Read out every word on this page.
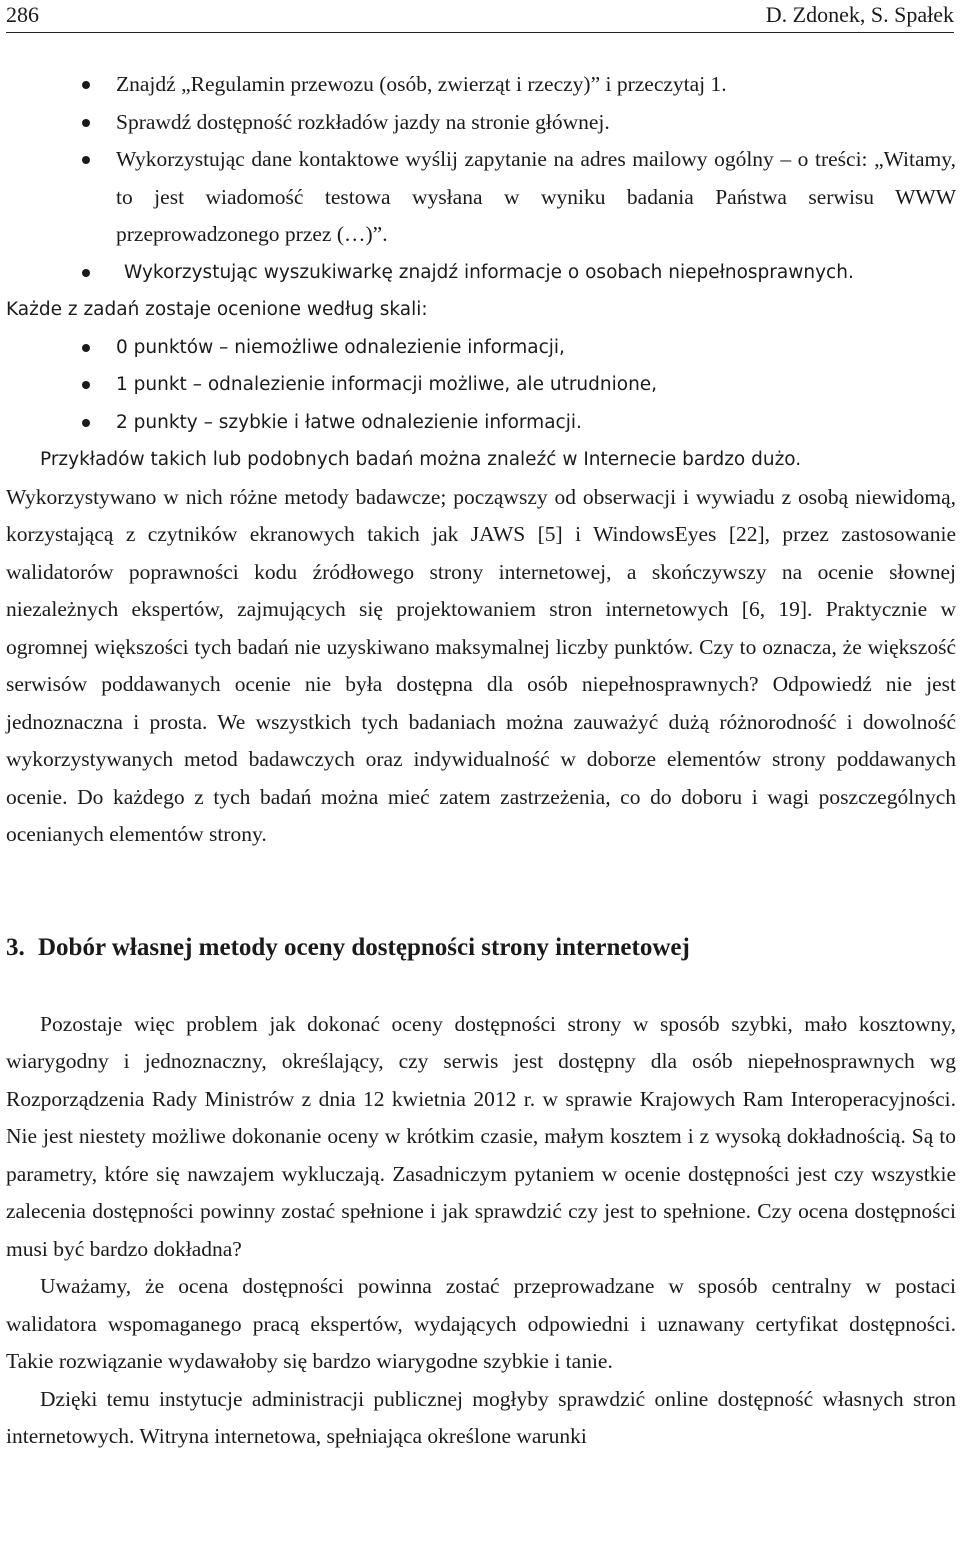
286	D. Zdonek, S. Spałek
Znajdź „Regulamin przewozu (osób, zwierząt i rzeczy)” i przeczytaj 1.
Sprawdź dostępność rozkładów jazdy na stronie głównej.
Wykorzystując dane kontaktowe wyślij zapytanie na adres mailowy ogólny – o treści: „Witamy, to jest wiadomość testowa wysłana w wyniku badania Państwa serwisu WWW przeprowadzonego przez (…)”.
Wykorzystując wyszukiwarkę znajdź informacje o osobach niepełnosprawnych.

Każde z zadań zostaje ocenione według skali:

0 punktów – niemożliwe odnalezienie informacji,
1 punkt – odnalezienie informacji możliwe, ale utrudnione,
2 punkty – szybkie i łatwe odnalezienie informacji.

Przykładów takich lub podobnych badań można znaleźć w Internecie bardzo dużo.

Wykorzystywano w nich różne metody badawcze; począwszy od obserwacji i wywiadu z osobą niewidomą, korzystającą z czytników ekranowych takich jak JAWS [5] i WindowsEyes [22], przez zastosowanie walidatorów poprawności kodu źródłowego strony internetowej, a skończywszy na ocenie słownej niezależnych ekspertów, zajmujących się projektowaniem stron internetowych [6, 19]. Praktycznie w ogromnej większości tych badań nie uzyskiwano maksymalnej liczby punktów. Czy to oznacza, że większość serwisów poddawanych ocenie nie była dostępna dla osób niepełnosprawnych? Odpowiedź nie jest jednoznaczna i prosta. We wszystkich tych badaniach można zauważyć dużą różnorodność i dowolność wykorzystywanych metod badawczych oraz indywidualność w doborze elementów strony poddawanych ocenie. Do każdego z tych badań można mieć zatem zastrzeżenia, co do doboru i wagi poszczególnych ocenianych elementów strony.

3. Dobór własnej metody oceny dostępności strony internetowej

Pozostaje więc problem jak dokonać oceny dostępności strony w sposób szybki, mało kosztowny, wiarygodny i jednoznaczny, określający, czy serwis jest dostępny dla osób niepełnosprawnych wg Rozporządzenia Rady Ministrów z dnia 12 kwietnia 2012 r. w sprawie Krajowych Ram Interoperacyjności. Nie jest niestety możliwe dokonanie oceny w krótkim czasie, małym kosztem i z wysoką dokładnością. Są to parametry, które się nawzajem wykluczają. Zasadniczym pytaniem w ocenie dostępności jest czy wszystkie zalecenia dostępności powinny zostać spełnione i jak sprawdzić czy jest to spełnione. Czy ocena dostępności musi być bardzo dokładna?

Uważamy, że ocena dostępności powinna zostać przeprowadzane w sposób centralny w postaci walidatora wspomaganego pracą ekspertów, wydających odpowiedni i uznawany certyfikat dostępności. Takie rozwiązanie wydawałoby się bardzo wiarygodne szybkie i tanie.

Dzięki temu instytucje administracji publicznej mogłyby sprawdzić online dostępność własnych stron internetowych. Witryna internetowa, spełniająca określone warunki
